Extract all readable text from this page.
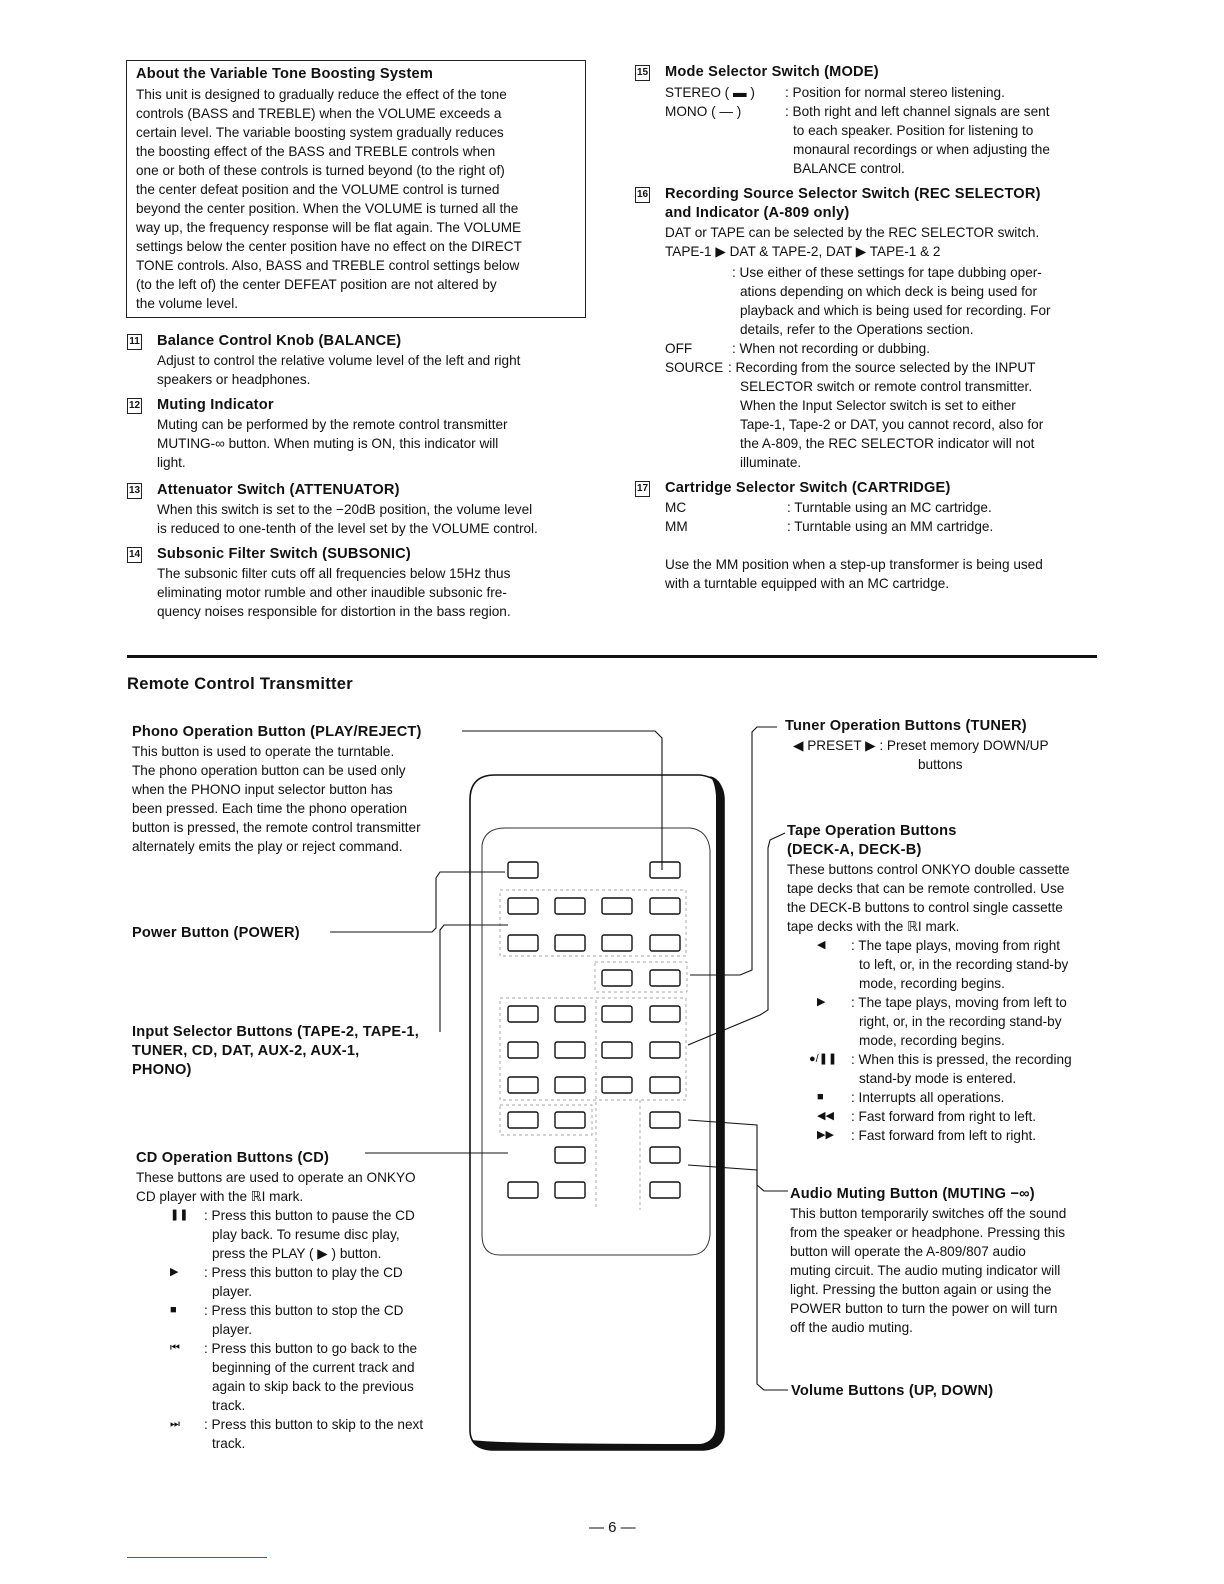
About the Variable Tone Boosting System
This unit is designed to gradually reduce the effect of the tone
controls (BASS and TREBLE) when the VOLUME exceeds a
certain level. The variable boosting system gradually reduces
the boosting effect of the BASS and TREBLE controls when
one or both of these controls is turned beyond (to the right of)
the center defeat position and the VOLUME control is turned
beyond the center position. When the VOLUME is turned all the
way up, the frequency response will be flat again. The VOLUME
settings below the center position have no effect on the DIRECT
TONE controls. Also, BASS and TREBLE control settings below
(to the left of) the center DEFEAT position are not altered by
the volume level.
11	Balance Control Knob (BALANCE)
Adjust to control the relative volume level of the left and right
speakers or headphones.
12	Muting Indicator
Muting can be performed by the remote control transmitter
MUTING-∞ button. When muting is ON, this indicator will
light.
13	Attenuator Switch (ATTENUATOR)
When this switch is set to the −20dB position, the volume level
is reduced to one-tenth of the level set by the VOLUME control.
14	Subsonic Filter Switch (SUBSONIC)
The subsonic filter cuts off all frequencies below 15Hz thus
eliminating motor rumble and other inaudible subsonic fre-
quency noises responsible for distortion in the bass region.
15	Mode Selector Switch (MODE)
STEREO ( ▬ ) : Position for normal stereo listening.
MONO ( — )	: Both right and left channel signals are sent
to each speaker. Position for listening to
monaural recordings or when adjusting the
BALANCE control.
16	Recording Source Selector Switch (REC SELECTOR)
and Indicator (A-809 only)
DAT or TAPE can be selected by the REC SELECTOR switch.
TAPE-1 ▶ DAT & TAPE-2, DAT ▶ TAPE-1 & 2
: Use either of these settings for tape dubbing oper-
ations depending on which deck is being used for
playback and which is being used for recording. For
details, refer to the Operations section.
OFF	: When not recording or dubbing.
SOURCE : Recording from the source selected by the INPUT
SELECTOR switch or remote control transmitter.
When the Input Selector switch is set to either
Tape-1, Tape-2 or DAT, you cannot record, also for
the A-809, the REC SELECTOR indicator will not
illuminate.
17	Cartridge Selector Switch (CARTRIDGE)
MC	: Turntable using an MC cartridge.
MM	: Turntable using an MM cartridge.
Use the MM position when a step-up transformer is being used
with a turntable equipped with an MC cartridge.
Remote Control Transmitter
Phono Operation Button (PLAY/REJECT)
This button is used to operate the turntable.
The phono operation button can be used only
when the PHONO input selector button has
been pressed. Each time the phono operation
button is pressed, the remote control transmitter
alternately emits the play or reject command.
Power Button (POWER)
Input Selector Buttons (TAPE-2, TAPE-1,
TUNER, CD, DAT, AUX-2, AUX-1,
PHONO)
CD Operation Buttons (CD)
These buttons are used to operate an ONKYO
CD player with the ℝI mark.
❚❚	: Press this button to pause the CD
play back. To resume disc play,
press the PLAY ( ▶ ) button.
▶	: Press this button to play the CD
player.
■	: Press this button to stop the CD
player.
⏮	: Press this button to go back to the
beginning of the current track and
again to skip back to the previous
track.
⏭	: Press this button to skip to the next
track.
Tuner Operation Buttons (TUNER)
◀ PRESET ▶ : Preset memory DOWN/UP
buttons
Tape Operation Buttons
(DECK-A, DECK-B)
These buttons control ONKYO double cassette
tape decks that can be remote controlled. Use
the DECK-B buttons to control single cassette
tape decks with the ℝI mark.
◀	: The tape plays, moving from right
to left, or, in the recording stand-by
mode, recording begins.
▶	: The tape plays, moving from left to
right, or, in the recording stand-by
mode, recording begins.
●/❚❚	: When this is pressed, the recording
stand-by mode is entered.
■	: Interrupts all operations.
◀◀	: Fast forward from right to left.
▶▶	: Fast forward from left to right.
Audio Muting Button (MUTING −∞)
This button temporarily switches off the sound
from the speaker or headphone. Pressing this
button will operate the A-809/807 audio
muting circuit. The audio muting indicator will
light. Pressing the button again or using the
POWER button to turn the power on will turn
off the audio muting.
Volume Buttons (UP, DOWN)
— 6 —
